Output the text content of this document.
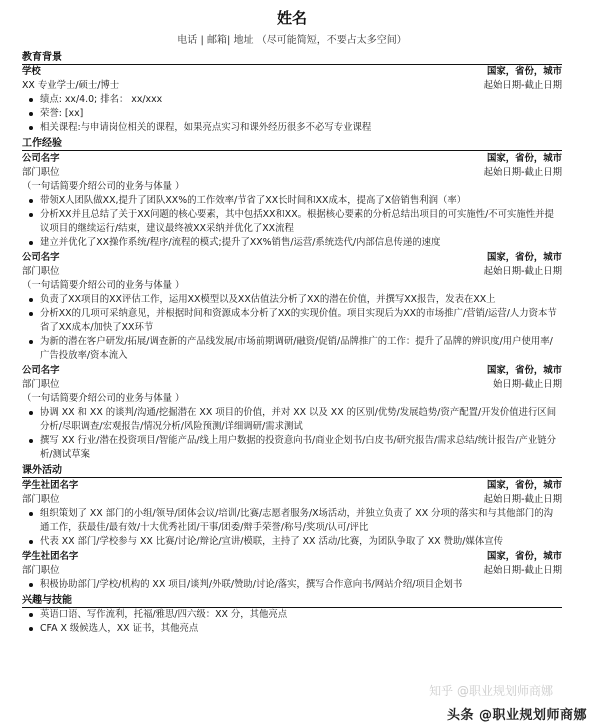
姓名
电话 | 邮箱| 地址 （尽可能简短，不要占太多空间）
教育背景
学校	国家，省份，城市
XX 专业学士/硕士/博士	起始日期-截止日期
绩点: xx/4.0; 排名： xx/xxx
荣誉: [xx]
相关课程:与申请岗位相关的课程，如果亮点实习和课外经历很多不必写专业课程
工作经验
公司名字	国家，省份，城市
部门职位	起始日期-截止日期
（一句话简要介绍公司的业务与体量 ）
带领X人团队做XX,提升了团队XX%的工作效率/节省了XX长时间和XX成本，提高了X倍销售利润（率）
分析XX并且总结了关于XX问题的核心要素，其中包括XX和XX。根据核心要素的分析总结出项目的可实施性/不可实施性并提议项目的继续运行/结束，建议最终被XX采纳并优化了XX流程
建立并优化了XX操作系统/程序/流程的模式;提升了XX%销售/运营/系统迭代/内部信息传递的速度
公司名字	国家，省份，城市
部门职位	起始日期-截止日期
（一句话简要介绍公司的业务与体量 ）
负责了XX项目的XX评估工作，运用XX模型以及XX估值法分析了XX的潜在价值，并撰写XX报告，发表在XX上
分析XX的几项可采纳意见，并根据时间和资源成本分析了XX的实现价值。项目实现后为XX的市场推广/营销/运营/人力资本节省了XX成本/加快了XX环节
为新的潜在客户研发/拓展/调查新的产品线发展/市场前期调研/融资/促销/品牌推广的工作：提升了品牌的辨识度/用户使用率/广告投放率/资本流入
公司名字	国家，省份，城市
部门职位	始日期-截止日期
（一句话简要介绍公司的业务与体量 ）
协调 XX 和 XX 的谈判/沟通/挖掘潜在 XX 项目的价值，并对 XX 以及 XX 的区别/优势/发展趋势/资产配置/开发价值进行区间分析/尽职调查/宏观报告/情况分析/风险预测/详细调研/需求测试
撰写 XX 行业/潜在投资项目/智能产品/线上用户数据的投资意向书/商业企划书/白皮书/研究报告/需求总结/统计报告/产业链分析/测试草案
课外活动
学生社团名字	国家，省份，城市
部门职位	起始日期-截止日期
组织策划了 XX 部门的小组/领导/团体会议/培训/比赛/志愿者服务/X场活动，并独立负责了 XX 分项的落实和与其他部门的沟通工作，获最佳/最有效/十大优秀社团/干事/团委/辩手荣誉/称号/奖项/认可/评比
代表 XX 部门/学校参与 XX 比赛/讨论/辩论/宣讲/模联，主持了 XX 活动/比赛，为团队争取了 XX 赞助/媒体宣传
学生社团名字	国家，省份，城市
部门职位	起始日期-截止日期
积极协助部门/学校/机构的 XX 项目/谈判/外联/赞助/讨论/落实，撰写合作意向书/网站介绍/项目企划书
兴趣与技能
英语口语、写作流利，托福/雅思/四六级：XX 分，其他亮点
CFA X 级候选人，XX 证书，其他亮点
知乎 @职业规划师商娜
头条 @职业规划师商娜
